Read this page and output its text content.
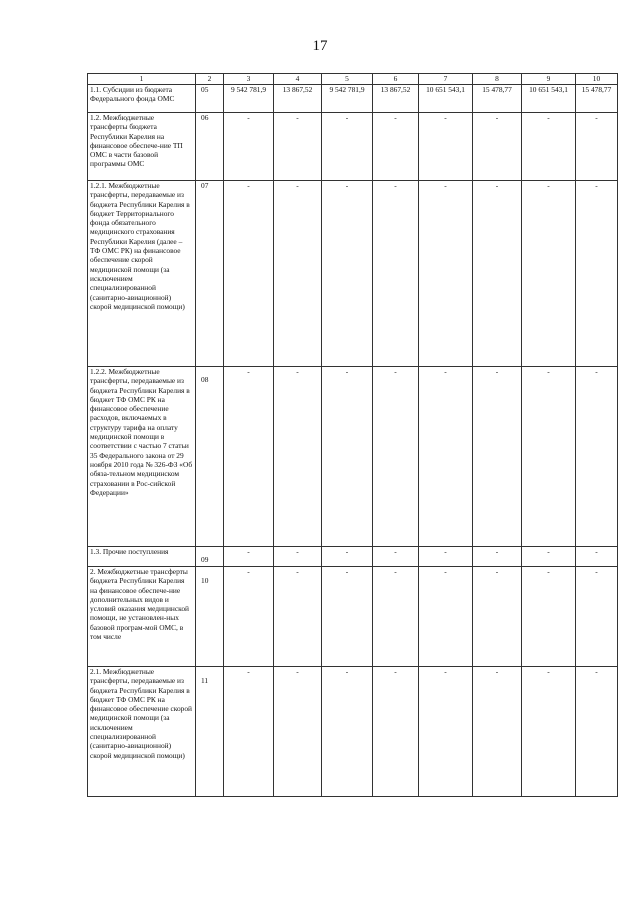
17
1	2	3	4	5	6	7	8	9	10
1.1. Субсидии из бюджета Федерального фонда ОМС	05	9 542 781,9	13 867,52	9 542 781,9	13 867,52	10 651 543,1	15 478,77	10 651 543,1	15 478,77
1.2. Межбюджетные трансферты бюджета Республики Карелия на финансовое обеспече-ние ТП ОМС в части базовой программы ОМС	06	-	-	-	-	-	-	-	-
1.2.1. Межбюджетные трансферты, передаваемые из бюджета Республики Карелия в бюджет Территориального фонда обязательного медицинского страхования Республики Карелия (далее – ТФ ОМС РК) на финансовое обеспечение скорой медицинской помощи (за исключением специализированной (санитарно-авиационной) скорой медицинской помощи)	07	-	-	-	-	-	-	-	-
1.2.2. Межбюджетные трансферты, передаваемые из бюджета Республики Карелия в бюджет ТФ ОМС РК на финансовое обеспечение расходов, включаемых в структуру тарифа на оплату медицинской помощи в соответствии с частью 7 статьи 35 Федерального закона от 29 ноября 2010 года № 326-ФЗ «Об обяза-тельном медицинском страховании в Рос-сийской Федерации»	08	-	-	-	-	-	-	-	-
1.3. Прочие поступления	09	-	-	-	-	-	-	-	-
2. Межбюджетные трансферты бюджета Республики Карелия на финансовое обеспече-ние дополнительных видов и условий оказания медицинской помощи, не установлен-ных базовой програм-мой ОМС, в том числе	10	-	-	-	-	-	-	-	-
2.1. Межбюджетные трансферты, передаваемые из бюджета Республики Карелия в бюджет ТФ ОМС РК на финансовое обеспечение скорой медицинской помощи (за исключением специализированной (санитарно-авиационной) скорой медицинской помощи)	11	-	-	-	-	-	-	-	-
